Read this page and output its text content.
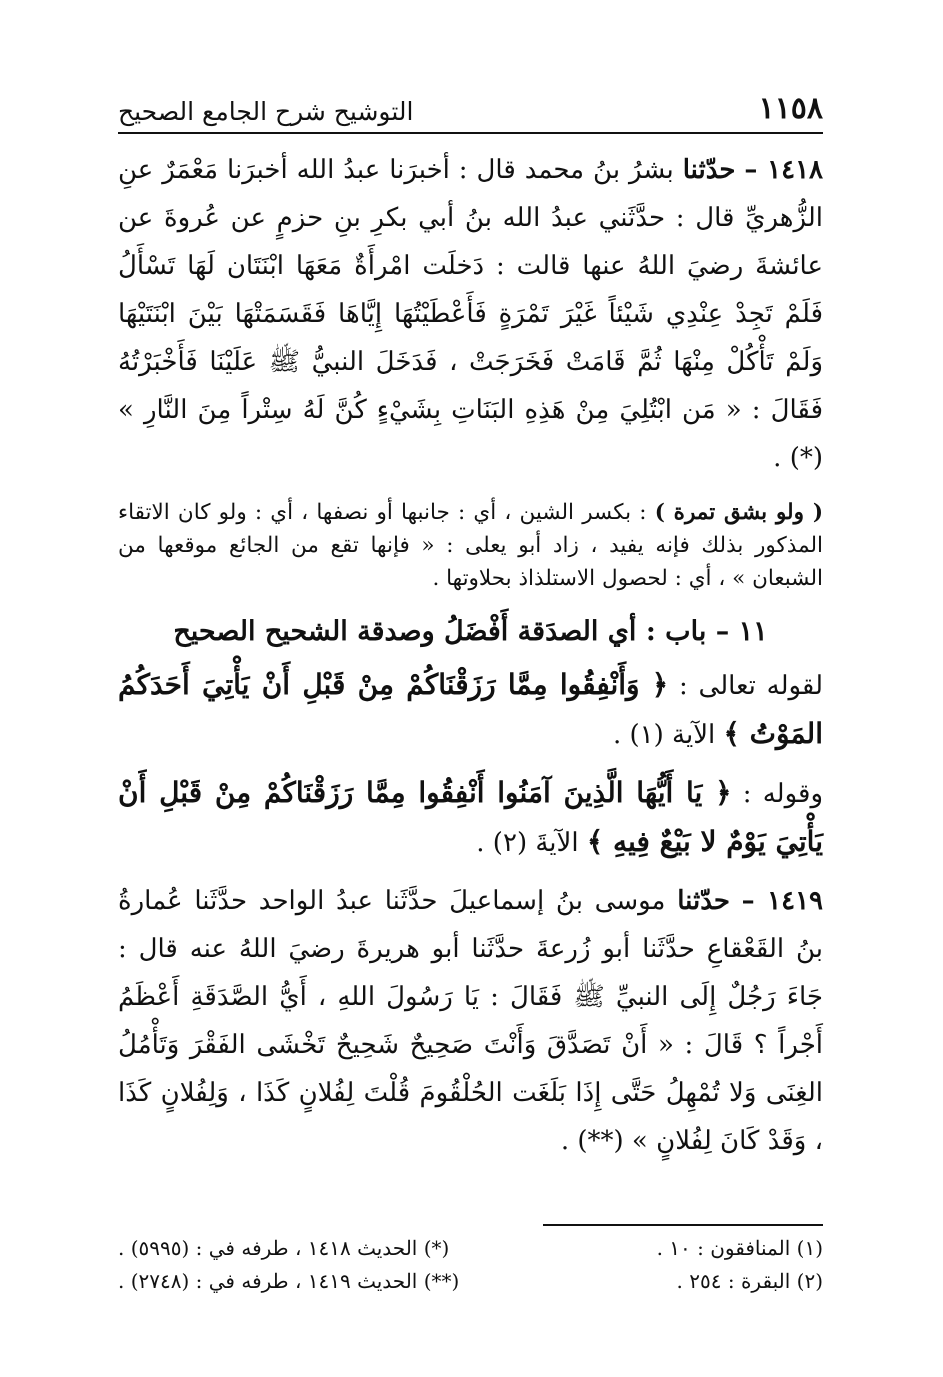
١١٥٨
التوشيح شرح الجامع الصحيح

١٤١٨ – حدّثنا بشرُ بنُ محمد قال : أخبرَنا عبدُ الله أخبرَنا مَعْمَرٌ عنِ الزُّهريِّ قال : حدَّثَني عبدُ الله بنُ أبي بكرِ بنِ حزمٍ عن عُروةَ عن عائشةَ رضيَ اللهُ عنها قالت : دَخلَت امْرأَةٌ مَعَهَا ابْنَتَان لَهَا تَسْأَلُ فَلَمْ تَجِدْ عِنْدِي شَيْئاً غَيْرَ تَمْرَةٍ فَأَعْطَيْتُهَا إِيَّاهَا فَقَسَمَتْهَا بَيْنَ ابْنَتَيْهَا وَلَمْ تَأْكُلْ مِنْهَا ثُمَّ قَامَتْ فَخَرَجَتْ ، فَدَخَلَ النبيُّ ﷺ عَلَيْنَا فَأَخْبَرْتُهُ فَقَالَ : « مَن ابْتُلِيَ مِنْ هَذِهِ البَنَاتِ بِشَيْءٍ كُنَّ لَهُ سِتْراً مِنَ النَّارِ » (*) .

( ولو بشق تمرة ) : بكسر الشين ، أي : جانبها أو نصفها ، أي : ولو كان الاتقاء المذكور بذلك فإنه يفيد ، زاد أبو يعلى : « فإنها تقع من الجائع موقعها من الشبعان » ، أي : لحصول الاستلذاذ بحلاوتها .

١١ – باب : أي الصدَقة أَفْضَلُ وصدقة الشحيح الصحيح

لقوله تعالى : ﴿ وَأَنْفِقُوا مِمَّا رَزَقْنَاكُمْ مِنْ قَبْلِ أَنْ يَأْتِيَ أَحَدَكُمُ المَوْتُ ﴾ الآية (١) .

وقوله : ﴿ يَا أَيُّهَا الَّذِينَ آمَنُوا أَنْفِقُوا مِمَّا رَزَقْنَاكُمْ مِنْ قَبْلِ أَنْ يَأْتِيَ يَوْمٌ لا بَيْعٌ فِيهِ ﴾ الآيةَ (٢) .

١٤١٩ – حدّثنا موسى بنُ إسماعيلَ حدَّثَنا عبدُ الواحد حدَّثَنا عُمارةُ بنُ القَعْقاعِ حدَّثَنا أبو زُرعةَ حدَّثَنا أبو هريرةَ رضيَ اللهُ عنه قال : جَاءَ رَجُلٌ إِلَى النبيِّ ﷺ فَقَالَ : يَا رَسُولَ اللهِ ، أَيُّ الصَّدَقَةِ أَعْظَمُ أَجْراً ؟ قَالَ : « أَنْ تَصَدَّقَ وَأَنْتَ صَحِيحٌ شَحِيحٌ تَخْشَى الفَقْرَ وَتَأْمُلُ الغِنَى وَلا تُمْهِلُ حَتَّى إِذَا بَلَغَت الحُلْقُومَ قُلْتَ لِفُلانٍ كَذَا ، وَلِفُلانٍ كَذَا ، وَقَدْ كَانَ لِفُلانٍ » (**) .

(١) المنافقون : ١٠ .
(*) الحديث ١٤١٨ ، طرفه في : (٥٩٩٥) .
(٢) البقرة : ٢٥٤ .
(**) الحديث ١٤١٩ ، طرفه في : (٢٧٤٨) .
